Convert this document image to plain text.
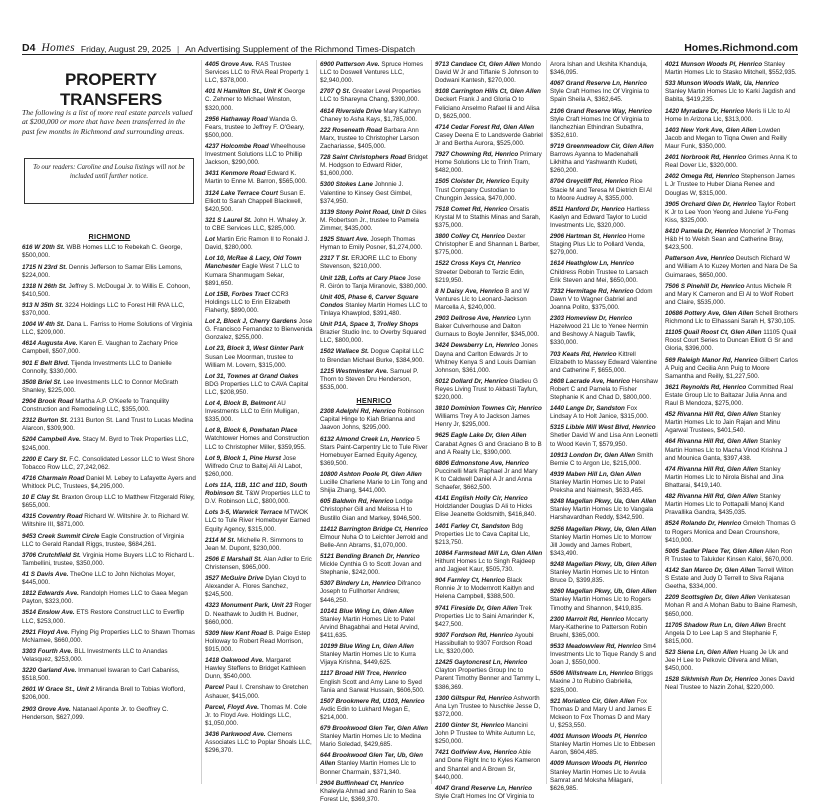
D4 Homes Friday, August 29, 2025 | An Advertising Supplement of the Richmond Times-Dispatch	Homes.Richmond.com
PROPERTY TRANSFERS

The following is a list of more real estate parcels valued at $200,000 or more that have been transferred in the past few months in Richmond and surrounding areas.

To our readers: Caroline and Louisa listings will not be included until further notice.
RICHMOND

616 W 20th St. WBB Homes LLC to Rebekah C. George, $500,000.

1715 N 23rd St. Dennis Jefferson to Samar Ellis Lemons, $224,000.

1318 N 26th St. Jeffrey S. McDougal Jr. to Willis E. Cohoon, $410,500.

913 N 35th St. 3224 Holdings LLC to Forest Hill RVA LLC, $370,000.

1004 W 4th St. Dana L. Farriss to Home Solutions of Virginia LLC, $209,000.

4614 Augusta Ave. Karen E. Vaughan to Zachary Price Campbell, $507,000.

901 E Belt Blvd. Tijenda Investments LLC to Danielle Connolly, $330,000.

3508 Briel St. Lee Investments LLC to Connor McGrath Shanley, $225,000.

2904 Brook Road Martha A.P. O'Keefe to Tranquility Construction and Remodeling LLC, $355,000.

2312 Burton St. 2131 Burton St. Land Trust to Lucas Medina Alarcon, $309,900.

5204 Campbell Ave. Stacy M. Byrd to Trek Properties LLC, $245,000.

2200 E Cary St. F.C. Consolidated Lessor LLC to West Shore Tobacco Row LLC, 27,242,062.

4716 Charmain Road Daniel M. Lebey to Lafayette Ayers and Whitlock PLC, Trustees, $4,295,000.

10 E Clay St. Braxton Group LLC to Matthew Fitzgerald Riley, $655,000.

4315 Coventry Road Richard W. Wiltshire Jr. to Richard W. Wiltshire III, $871,000.

9453 Creek Summit Circle Eagle Construction of Virginia LLC to Gerald Randall Riggs, trustee, $684,261.

3706 Crutchfield St. Virginia Home Buyers LLC to Richard L. Tambellini, trustee, $350,000.

41 S Davis Ave. TheOne LLC to John Nicholas Moyer, $445,000.

1812 Edwards Ave. Randolph Homes LLC to Gaea Megan Payton, $323,000.

3514 Enslow Ave. ETS Restore Construct LLC to Everflip LLC, $253,000.

2921 Floyd Ave. Flying Pig Properties LLC to Shawn Thomas McNamee, $660,000.

3303 Fourth Ave. BLL Investments LLC to Anandas Velasquez, $253,000.

3220 Garland Ave. Immanuel Iswaran to Carl Cabaniss, $518,500.

2601 W Grace St., Unit 2 Miranda Brell to Tobias Wofford, $206,000.

2903 Grove Ave. Natanael Aponte Jr. to Geoffrey C. Henderson, $627,099.

4405 Grove Ave. RAS Trustee Services LLC to RVA Real Property 1 LLC, $378,000.

401 N Hamilton St., Unit K George C. Zehmer to Michael Winston, $320,000.

2956 Hathaway Road Wanda G. Fears, trustee to Jeffrey F. O'Geary, $500,000.

4237 Holcombe Road Wheelhouse Investment Solutions LLC to Phillip Jackson, $290,000.

3431 Kenmore Road Edward K. Martin to Enne M. Barron, $565,000.

3124 Lake Terrace Court Susan E. Elliott to Sarah Chappell Blackwell, $420,500.

321 S Laurel St. John H. Whaley Jr. to CBE Services LLC, $285,000.

Lot Martin Eric Ramon II to Ronald J. David, $280,000.

Lot 10, McRae & Lacy, Old Town Manchester Eagle West 7 LLC to Kumara Shanmugam Sekar, $891,650.

Lot 15B, Forbes Tract CCR3 Holdings LLC to Erin Elizabeth Flaherty, $890,000.

Lot 2, Block J, Cherry Gardens Jose G. Francisco Fernandez to Bienvenida Gonzalez, $255,000.

Lot 23, Block 3, West Ginter Park Susan Lee Moorman, trustee to William M. Lovern, $315,000.

Lot 31, Townes at Grand Oakes BDG Properties LLC to CAVA Capital LLC, $208,950.

Lot 4, Block B, Belmont AU Investments LLC to Erin Mulligan, $335,000.

Lot 8, Block 6, Powhatan Place Watchtower Homes and Construction LLC to Christopher Miller, $359,955.

Lot 9, Block 1, Pine Hurst Jose Wilfredo Cruz to Baltej Ali Al Labot, $260,000.

Lots 11A, 11B, 11C and 11D, South Robinson St. T&W Properties LLC to D.V. Robinson LLC, $800,000.

Lots 3-5, Warwick Terrace MTWOK LLC to Tule River Homebuyer Earned Equity Agency, $315,000.

2114 M St. Michelle R. Simmons to Jean M. Dupont, $230,000.

2506 E Marshall St. Alan Adler to Eric Christensen, $965,000.

3527 McGuire Drive Dylan Cloyd to Alexander A. Flores Sanchez, $245,500.

4323 Monument Park, Unit 23 Roger D. Neathawk to Judith H. Budner, $660,000.

5309 New Kent Road B. Paige Estep Holloway to Robert Read Morrison, $915,000.

1418 Oakwood Ave. Margaret Hawley Steffens to Bridget Kathleen Dunn, $540,000.

Parcel Paul I. Crenshaw to Gretchen Ashauer, $415,000.

Parcel, Floyd Ave. Thomas M. Cole Jr. to Floyd Ave. Holdings LLC, $1,050,000.

3436 Parkwood Ave. Clemens Associates LLC to Poplar Shoals LLC, $296,370.

6900 Patterson Ave. Spruce Homes LLC to Doswell Ventures LLC, $2,940,000.

2707 Q St. Greater Level Properties LLC to Shareyna Chang, $390,000.

4614 Riverside Drive Mary Kathryn Chaney to Asha Kays, $1,785,000.

222 Roseneath Road Barbara Ann Marx, trustee to Christopher Larson Zachariasse, $405,000.

728 Saint Christophers Road Bridget M. Hodgson to Edward Rider, $1,600,000.

5300 Stokes Lane Johnnie J. Valentine to Kinsey Gest Gimbel, $374,950.

3139 Stony Point Road, Unit D Giles M. Robertson Jr., trustee to Pamela Zimmer, $435,000.

1925 Stuart Ave. Joseph Thomas Hyman to Emily Posner, $1,274,000.

2317 T St. ERJORE LLC to Ebony Stevenson, $210,000.

Unit 12B, Lofts at Cary Place Jose R. Girón to Tanja Miranovic, $380,000.

Unit 405, Phase 6, Carver Square Condos Stanley Martin Homes LLC to Tinlaya Khawplod, $391,480.

Unit P1A, Space 3, Trolley Shops Brazier Studio Inc. to Overby Squared LLC, $800,000.

1502 Wallace St. Dogue Capital LLC to Brendan Michael Burke, $384,900.

1215 Westminster Ave. Samuel P. Thorn to Steven Dru Henderson, $535,000.

HENRICO

2308 Adelphi Rd, Henrico Robinson Capital Hinge to Kiah Brianna and Jaavon Johns, $295,000.

6132 Almond Creek Ln, Henrico 5 Stars Paint-Carpentry Llc to Tule River Homebuyer Earned Equity Agency, $369,500.

10800 Ashton Poole Pl, Glen Allen Lucille Charlene Marie to Lin Tong and Shijia Zhang, $441,000.

605 Baldwin Rd, Henrico Lodge Christopher Gill and Melissa H to Bustillo Gian and Markey, $946,500.

11412 Barrington Bridge Ct, Henrico Elmour Nuha O to Leichter Jerrold and Belle-Ann Abrams, $1,070,000.

5121 Bending Branch Dr, Henrico Mickle Cynthia G to Scott Jovan and Stephanie, $242,000.

5307 Bindery Ln, Henrico Difranco Joseph to Fullhorter Andrew, $446,250.

10141 Blue Wing Ln, Glen Allen Stanley Martin Homes Llc to Patel Arvind Bhagabhai and Hetal Arvind, $411,635.

10199 Blue Wing Ln, Glen Allen Stanley Martin Homes Llc to Kurra Vijaya Krishna, $449,625.

1117 Broad Hill Trce, Henrico English Scott and Amy Lane to Syed Tania and Sarwat Hussain, $606,500.

1507 Brookmere Rd, U103, Henrico Avdic Edin to Lukhard Megan E, $214,000.

679 Brookwood Glen Ter, Glen Allen Stanley Martin Homes Llc to Medina Mario Soledad, $429,685.

644 Brookwood Glen Ter, Ub, Glen Allen Stanley Martin Homes Llc to Bonner Charmain, $371,340.

2904 Buffinhead Ct, Henrico Khaleyla Ahmad and Ranin to Sea Forest Llc, $369,370.

9713 Candace Ct, Glen Allen Mondo David W Jr and Tiffanie S Johnson to Dodwani Kantesh, $270,000.

9108 Carrington Hills Ct, Glen Allen Deckert Frank J and Gloria O to Feliciano Anselmo Rafael Iii and Alisa D, $625,000.

4714 Cedar Forest Rd, Glen Allen Casey Deena E to Landsverde Gabriel Jr and Bertha Aurora, $525,000.

7927 Chowning Rd, Henrico Primary Home Solutions Llc to Trinh Tram, $482,000.

1505 Cloister Dr, Henrico Equity Trust Company Custodian to Chungpin Jessica, $470,000.

7518 Comet Rd, Henrico Orsatis Krystal M to Stathis Minas and Sarah, $375,000.

3800 Colley Ct, Henrico Dexter Christopher E and Shannan L Barber, $775,000.

1522 Cross Keys Ct, Henrico Streeter Deborah to Terzic Edin, $219,950.

8 N Daisy Ave, Henrico B and W Ventures Llc to Leonard-Jackson Marcella A, $240,000.

2903 Dellrose Ave, Henrico Lynn Baker Culverhouse and Dalton Gurnaus to Boyle Jennifer, $345,000.

3424 Dewsberry Ln, Henrico Jones Dayna and Carlton Edwards Jr to Whitney Kenya S and Louis Damian Johnson, $361,000.

5012 Dollard Dr, Henrico Gladieu G Reyes Living Trust to Akbasti Tayfun, $220,000.

3810 Dominion Townes Cir, Henrico Williams Trey A to Jackson James Henry Jr, $295,000.

9625 Eagle Lake Dr, Glen Allen Carabat Agnes G and Graciano B to B and A Realty Llc, $390,000.

6806 Edmonstone Ave, Henrico Puccinelli Mark Raphael Jr and Mary K to Caldwell Daniel A Jr and Anna Schaefer, $662,500.

4141 English Holly Cir, Henrico Holdzlander Douglas D Ali to Hicks Elise Jeanette Goldsmith, $416,840.

1401 Farley Ct, Sandston Bdg Properties Llc to Cava Capital Llc, $213,750.

10864 Farmstead Mill Ln, Glen Allen Hithunt Homes Lc to Singh Rajdeep and Jagjeet Kaur, $505,730.

904 Farnley Ct, Henrico Black Ronnie Jr to Modernrott Kaitlyn and Helena Campbell, $388,500.

9741 Fireside Dr, Glen Allen Trek Properties Llc to Saini Amarinder K, $427,500.

9307 Fordson Rd, Henrico Ayoubi Hassibullah to 9307 Fordson Road Llc, $320,000.

12425 Gaytoncrest Ln, Henrico Clayton Properties Group Inc to Parent Timothy Benner and Tammy L, $386,369.

1300 Giltspur Rd, Henrico Ashworth Ana Lyn Trustee to Nuschke Jesse D, $372,000.

2100 Ginter St, Henrico Mancini John P Trustee to White Autumn Lc, $250,000.

7421 Golfview Ave, Henrico Able and Done Right Inc to Kyles Kameron and Shantel and A Brown Sr, $440,000.

4047 Grand Reserve Ln, Henrico Style Craft Homes Inc Of Virginia to

Arora Ishan and Ukshita Khanduja, $346,095.

4067 Grand Reserve Ln, Henrico Style Craft Homes Inc Of Virginia to Spain Sheila A, $362,645.

2106 Grand Reserve Way, Henrico Style Craft Homes Inc Of Virginia to Ilanchezhian Ethindran Subathra, $352,610.

9719 Greenmeadow Cir, Glen Allen Barrows Ayanna to Madenahalli Likhitha and Yashwanth Kudeti, $260,200.

8704 Greycliff Rd, Henrico Rice Stacie M and Teresa M Dietrich El Al to Moore Audrey A, $355,000.

8511 Hanford Dr, Henrico Hartless Kaelyn and Edward Taylor to Lucid Investments Llc, $320,000.

2906 Hartman St, Henrico Home Staging Plus Llc to Pollard Venda, $279,000.

1614 Heathglow Ln, Henrico Childress Robin Trustee to Larsach Erik Steven and Mei, $650,000.

7332 Hermitage Rd, Henrico Odom Dawn V to Wagner Gabriel and Joanna Polito, $375,000.

2303 Homeview Dr, Henrico Hazelwood 21 Llc to Yenee Nermin and Beshowy A Naguib Tawfik, $330,000.

703 Keats Rd, Henrico Kittrell Elizabeth to Massey Edward Valentine and Catherine F, $655,000.

2608 Lacrade Ave, Henrico Henshaw Robert C and Pamela to Fisher Stephanie K and Chad D, $800,000.

1440 Lange Dr, Sandston Fox Lindsay A to Holt Janice, $315,000.

5315 Libbie Mill West Blvd, Henrico Shetler David W and Lisa Ann Leonetti to Wood Kevin T, $579,950.

10913 London Dr, Glen Allen Smith Bernie C to Argon Llc, $215,000.

4939 Maben Hill Ln, Glen Allen Stanley Martin Homes Llc to Patel Preksha and Naimesh, $633,465.

9248 Magellan Pkwy, Ua, Glen Allen Stanley Martin Homes Llc to Vangala Harshavardhan Reddy, $342,590.

9256 Magellan Pkwy, Ue, Glen Allen Stanley Martin Homes Llc to Morrow Jill Jowdy and James Robert, $343,490.

9248 Magellan Pkwy, Ub, Glen Allen Stanley Martin Homes Llc to Hinton Bruce D, $399,835.

9260 Magellan Pkwy, Ub, Glen Allen Stanley Martin Homes Llc to Rogers Timothy and Shannon, $419,835.

2300 Marroit Rd, Henrico Mccarty Mary-Katherine to Patterson Robin Bruehl, $365,000.

9533 Meadowview Rd, Henrico Sm4 Investments Llc to Tique Randy S and Joan J, $550,000.

5506 Millstream Ln, Henrico Briggs Maxine J to Rubino Gabriella, $285,000.

921 Moriatico Cir, Glen Allen Fox Thomas D and Mary U and James E Mckeon to Fox Thomas D and Mary U, $253,550.

4001 Munson Woods Pl, Henrico Stanley Martin Homes Llc to Ebbesen Aaron, $604,485.

4009 Munson Woods Pl, Henrico Stanley Martin Homes Llc to Avula Samrat and Moksha Milagani, $626,985.

4021 Munson Woods Pl, Henrico Stanley Martin Homes Llc to Stasko Mitchell, $552,935.

533 Munson Woods Walk, Ua, Henrico Stanley Martin Homes Llc to Karki Jagdish and Babita, $419,235.

1420 Myradare Dr, Henrico Meris Ii Llc to Al Home In Arizona Llc, $313,000.

1403 New York Ave, Glen Allen Lowden Jacob and Megan to Tiqna Owen and Reilly Maur Funk, $350,000.

2401 Norbrook Rd, Henrico Grimes Anna K to Real Dover Llc, $320,000.

2402 Omega Rd, Henrico Stephenson James L Jr Trustee to Huber Diana Renee and Douglas W, $315,000.

3905 Orchard Glen Dr, Henrico Taylor Robert K Jr to Lee Yoon Yeong and Julene Yu-Feng Kiss, $325,000.

8410 Pamela Dr, Henrico Moncrief Jr Thomas H&b H to Welsh Sean and Catherine Bray, $423,500.

Patterson Ave, Henrico Deutsch Richard W and William A to Kuzey Morten and Nara De Sa Guimaraes, $650,000.

7506 S Pinehill Dr, Henrico Antus Michele R and Mary K Cameron and El Al to Wolf Robert and Claire, $535,000.

10686 Pottery Ave, Glen Allen Schell Brothers Richmond Llc to Elhassani Sarah H, $730,105.

11105 Quail Roost Ct, Glen Allen 11105 Quail Roost Court Series to Duncan Elliott G Sr and Gloria, $396,000.

569 Raleigh Manor Rd, Henrico Gilbert Carlos A Puig and Cecilia Ann Puig to Moore Samantha and Reilly, $1,227,500.

3621 Reynolds Rd, Henrico Committed Real Estate Group Llc to Baltazar Julia Anna and Raul B Mendoza, $275,000.

452 Rivanna Hill Rd, Glen Allen Stanley Martin Homes Llc to Jain Rajan and Minu Agarwal Trustees, $401,540.

464 Rivanna Hill Rd, Glen Allen Stanley Martin Homes Llc to Macha Vinod Krishna J and Mounica Ganta, $397,438.

474 Rivanna Hill Rd, Glen Allen Stanley Martin Homes Llc to Nirola Bishal and Jina Bhattarai, $419,140.

482 Rivanna Hill Rd, Glen Allen Stanley Martin Homes Llc to Pottapalli Manoj Kand Pravallika Gandra, $435,035.

8524 Rolando Dr, Henrico Gmelch Thomas G to Rogers Monica and Dean Crounshore, $410,000.

5005 Sadler Place Ter, Glen Allen Allen Ron R Trustee to Talukder Kinsen Kaloi, $670,000.

4142 San Marco Dr, Glen Allen Terrell Wilton S Estate and Judy D Terrell to Siva Rajana Geetha, $334,000.

2209 Scottsglen Dr, Glen Allen Venkatesan Mohan R and A Mohan Babu to Baine Ramesh, $650,000.

11705 Shadow Run Ln, Glen Allen Brecht Angela D to Lee Lap S and Stephanie F, $815,000.

523 Siena Ln, Glen Allen Huang Je Uk and Jee H Lee to Pelkovic Olivera and Milan, $450,000.

1528 Sikhmish Run Dr, Henrico Jones David Neal Trustee to Nazin Zohal, $220,000.
